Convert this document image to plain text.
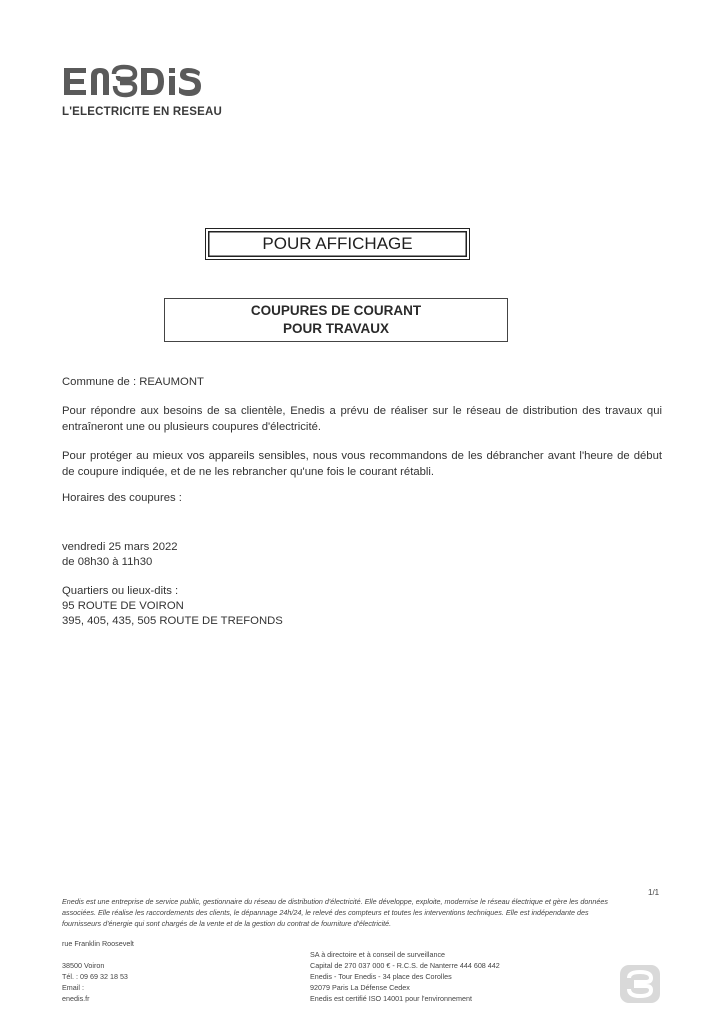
L'ELECTRICITE EN RESEAU
POUR AFFICHAGE
COUPURES DE COURANT
POUR TRAVAUX
Commune de : REAUMONT
Pour répondre aux besoins de sa clientèle, Enedis a prévu de réaliser sur le réseau de distribution des travaux qui entraîneront une ou plusieurs coupures d'électricité.
Pour protéger au mieux vos appareils sensibles, nous vous recommandons de les débrancher avant l'heure de début de coupure indiquée, et de ne les rebrancher qu'une fois le courant rétabli.
Horaires des coupures :
vendredi 25 mars 2022
de 08h30 à 11h30
Quartiers ou lieux-dits :
95 ROUTE DE VOIRON
395, 405, 435, 505 ROUTE DE TREFONDS
1/1
Enedis est une entreprise de service public, gestionnaire du réseau de distribution d'électricité. Elle développe, exploite, modernise le réseau électrique et gère les données
associées. Elle réalise les raccordements des clients, le dépannage 24h/24, le relevé des compteurs et toutes les interventions techniques. Elle est indépendante des
fournisseurs d'énergie qui sont chargés de la vente et de la gestion du contrat de fourniture d'électricité.
rue Franklin Roosevelt
38500 Voiron
Tél. : 09 69 32 18 53
Email :
enedis.fr
SA à directoire et à conseil de surveillance
Capital de 270 037 000 € - R.C.S. de Nanterre 444 608 442
Enedis - Tour Enedis - 34 place des Corolles
92079 Paris La Défense Cedex
Enedis est certifié ISO 14001 pour l'environnement
